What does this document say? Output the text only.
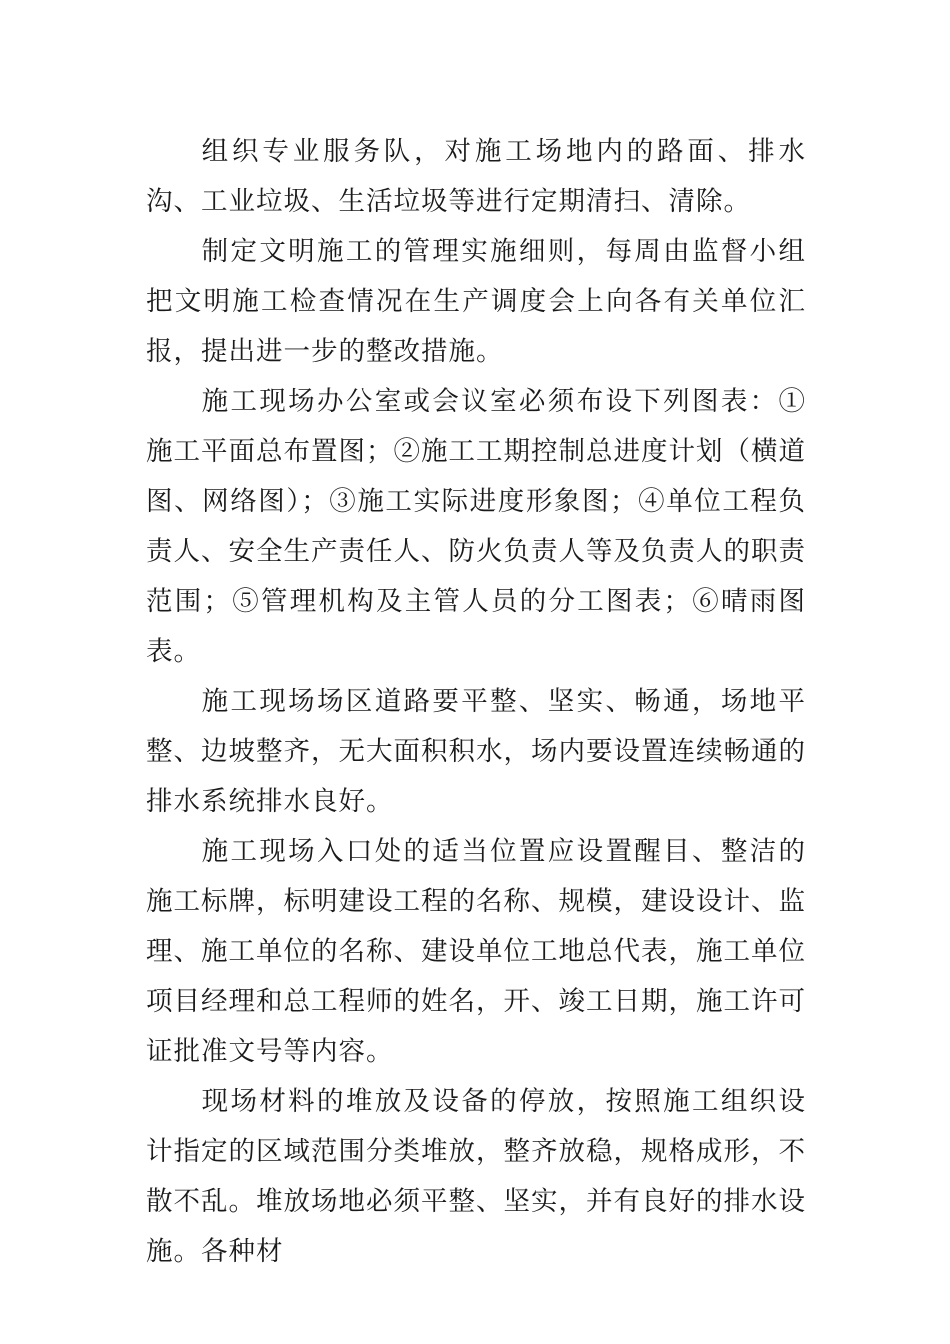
组织专业服务队，对施工场地内的路面、排水沟、工业垃圾、生活垃圾等进行定期清扫、清除。

制定文明施工的管理实施细则，每周由监督小组把文明施工检查情况在生产调度会上向各有关单位汇报，提出进一步的整改措施。

施工现场办公室或会议室必须布设下列图表：①施工平面总布置图；②施工工期控制总进度计划（横道图、网络图）；③施工实际进度形象图；④单位工程负责人、安全生产责任人、防火负责人等及负责人的职责范围；⑤管理机构及主管人员的分工图表；⑥晴雨图表。

施工现场场区道路要平整、坚实、畅通，场地平整、边坡整齐，无大面积积水，场内要设置连续畅通的排水系统排水良好。

施工现场入口处的适当位置应设置醒目、整洁的施工标牌，标明建设工程的名称、规模，建设设计、监理、施工单位的名称、建设单位工地总代表，施工单位项目经理和总工程师的姓名，开、竣工日期，施工许可证批准文号等内容。

现场材料的堆放及设备的停放，按照施工组织设计指定的区域范围分类堆放，整齐放稳，规格成形，不散不乱。堆放场地必须平整、坚实，并有良好的排水设施。各种材
